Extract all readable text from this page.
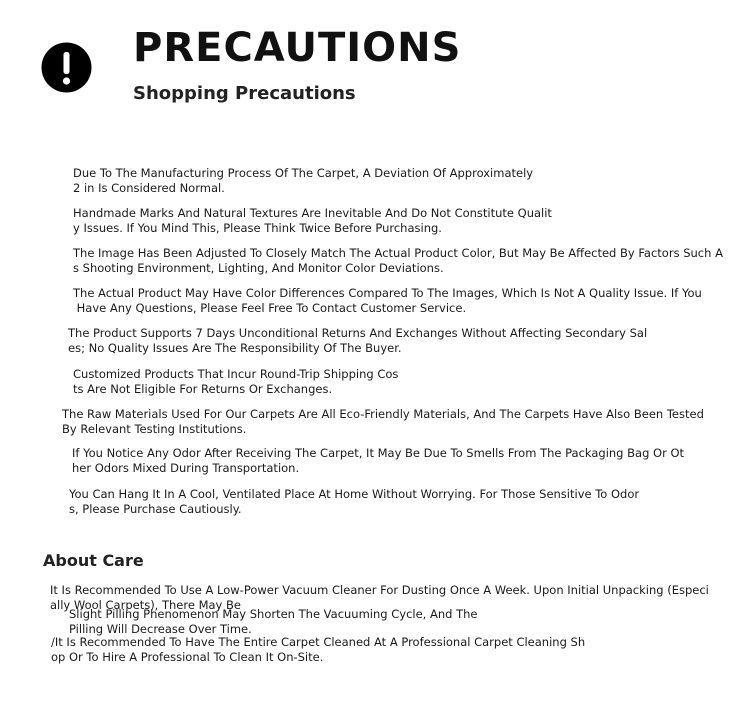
PRECAUTIONS
Shopping Precautions

Due To The Manufacturing Process Of The Carpet, A Deviation Of Approximately
2 in Is Considered Normal.

Handmade Marks And Natural Textures Are Inevitable And Do Not Constitute Qualit
y Issues. If You Mind This, Please Think Twice Before Purchasing.

The Image Has Been Adjusted To Closely Match The Actual Product Color, But May Be Affected By Factors Such A
s Shooting Environment, Lighting, And Monitor Color Deviations.

The Actual Product May Have Color Differences Compared To The Images, Which Is Not A Quality Issue. If You
Have Any Questions, Please Feel Free To Contact Customer Service.

The Product Supports 7 Days Unconditional Returns And Exchanges Without Affecting Secondary Sal
es; No Quality Issues Are The Responsibility Of The Buyer.

Customized Products That Incur Round-Trip Shipping Cos
ts Are Not Eligible For Returns Or Exchanges.

The Raw Materials Used For Our Carpets Are All Eco-Friendly Materials, And The Carpets Have Also Been Tested
By Relevant Testing Institutions.

If You Notice Any Odor After Receiving The Carpet, It May Be Due To Smells From The Packaging Bag Or Ot
her Odors Mixed During Transportation.

You Can Hang It In A Cool, Ventilated Place At Home Without Worrying. For Those Sensitive To Odor
s, Please Purchase Cautiously.

About Care

It Is Recommended To Use A Low-Power Vacuum Cleaner For Dusting Once A Week. Upon Initial Unpacking (Especi
ally Wool Carpets), There May Be

Slight Pilling Phenomenon May Shorten The Vacuuming Cycle, And The
Pilling Will Decrease Over Time.

/It Is Recommended To Have The Entire Carpet Cleaned At A Professional Carpet Cleaning Sh
op Or To Hire A Professional To Clean It On-Site.
